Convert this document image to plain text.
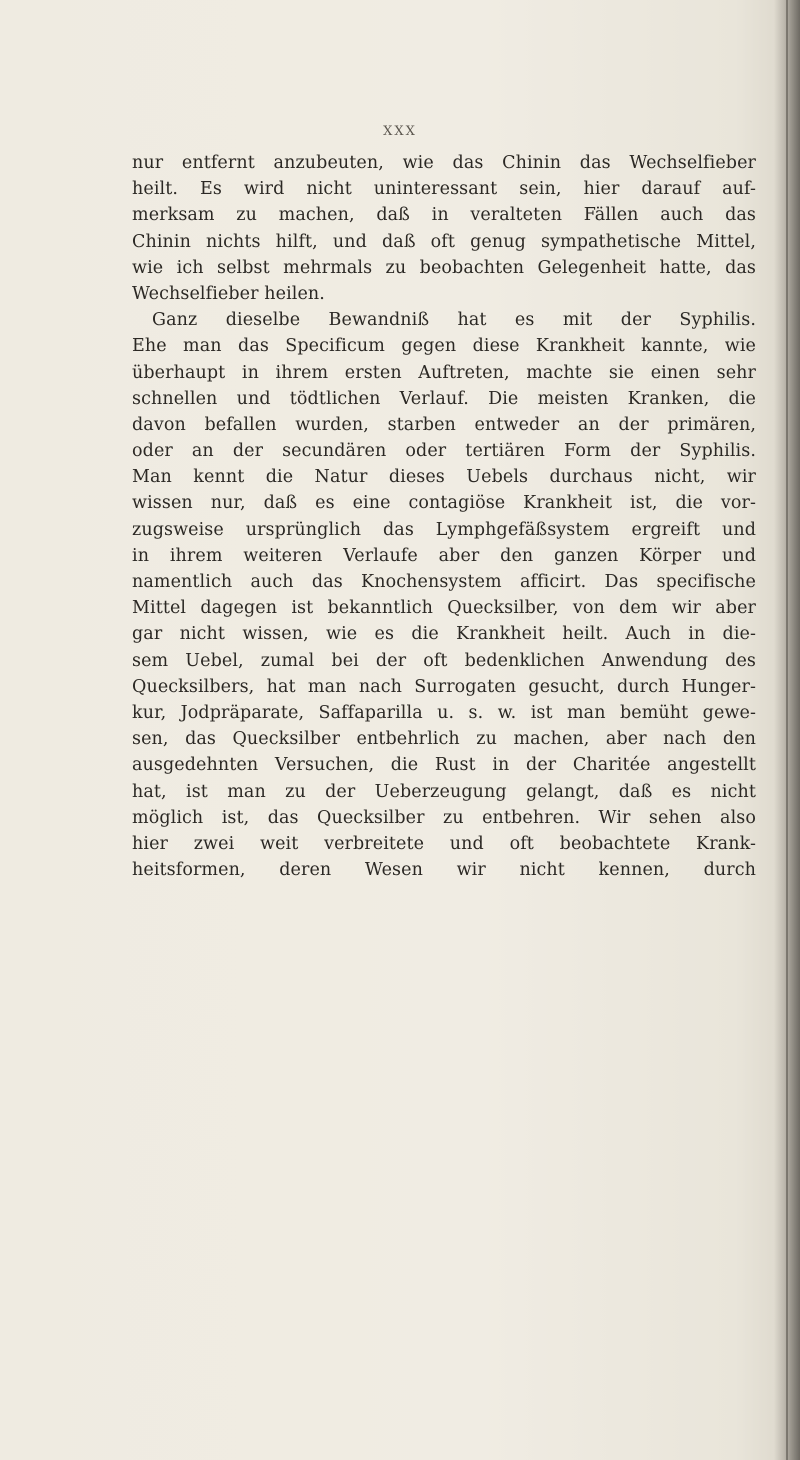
XXX
nur entfernt anzubeuten, wie das Chinin das Wechselfieber
heilt. Es wird nicht uninteressant sein, hier darauf auf-
merksam zu machen, daß in veralteten Fällen auch das
Chinin nichts hilft, und daß oft genug sympathetische Mittel,
wie ich selbst mehrmals zu beobachten Gelegenheit hatte, das
Wechselfieber heilen.
Ganz dieselbe Bewandniß hat es mit der Syphilis.
Ehe man das Specificum gegen diese Krankheit kannte, wie
überhaupt in ihrem ersten Auftreten, machte sie einen sehr
schnellen und tödtlichen Verlauf. Die meisten Kranken, die
davon befallen wurden, starben entweder an der primären,
oder an der secundären oder tertiären Form der Syphilis.
Man kennt die Natur dieses Uebels durchaus nicht, wir
wissen nur, daß es eine contagiöse Krankheit ist, die vor-
zugsweise ursprünglich das Lymphgefäßsystem ergreift und
in ihrem weiteren Verlaufe aber den ganzen Körper und
namentlich auch das Knochensystem afficirt. Das specifische
Mittel dagegen ist bekanntlich Quecksilber, von dem wir aber
gar nicht wissen, wie es die Krankheit heilt. Auch in die-
sem Uebel, zumal bei der oft bedenklichen Anwendung des
Quecksilbers, hat man nach Surrogaten gesucht, durch Hunger-
kur, Jodpräparate, Saffaparilla u. s. w. ist man bemüht gewe-
sen, das Quecksilber entbehrlich zu machen, aber nach den
ausgedehnten Versuchen, die Rust in der Charitée angestellt
hat, ist man zu der Ueberzeugung gelangt, daß es nicht
möglich ist, das Quecksilber zu entbehren. Wir sehen also
hier zwei weit verbreitete und oft beobachtete Krank-
heitsformen, deren Wesen wir nicht kennen, durch
